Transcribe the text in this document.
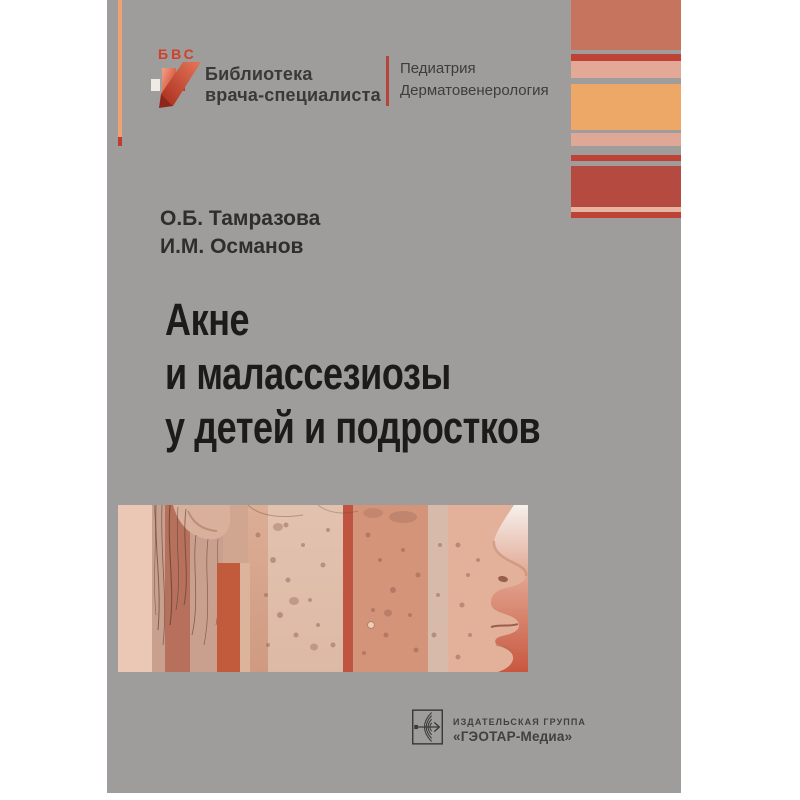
БВС
Библиотека
врача-специалиста
Педиатрия
Дерматовенерология
О.Б. Тамразова
И.М. Османов
Акне
и малассезиозы
у детей и подростков
ИЗДАТЕЛЬСКАЯ ГРУППА
«ГЭОТАР-Медиа»
